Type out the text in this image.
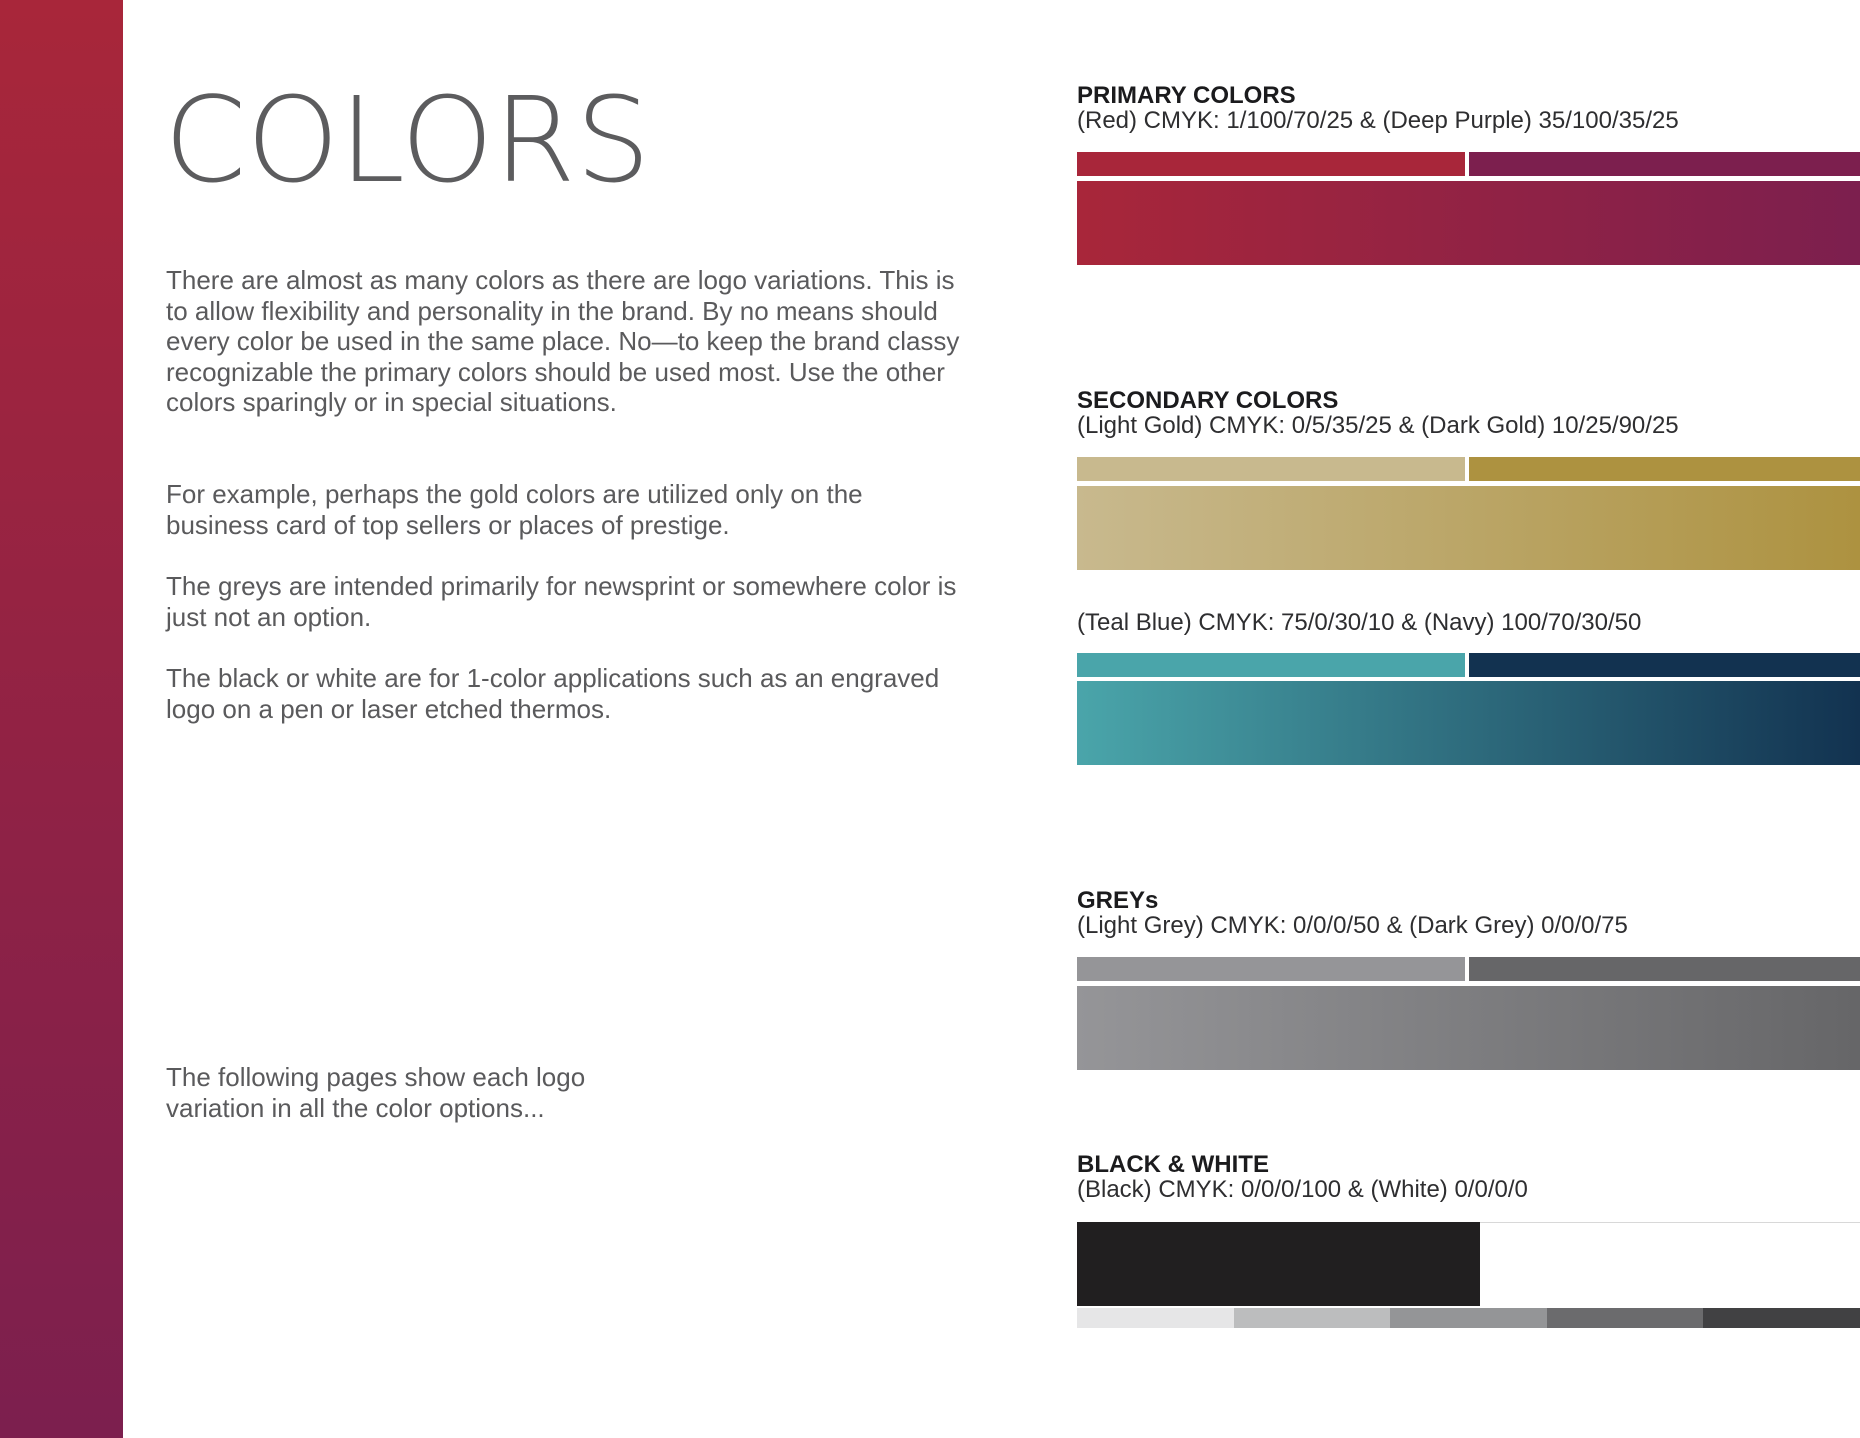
COLORS

There are almost as many colors as there are logo variations. This is to allow flexibility and personality in the brand. By no means should every color be used in the same place. No—to keep the brand classy recognizable the primary colors should be used most. Use the other colors sparingly or in special situations.

For example, perhaps the gold colors are utilized only on the business card of top sellers or places of prestige.

The greys are intended primarily for newsprint or somewhere color is just not an option.

The black or white are for 1-color applications such as an engraved logo on a pen or laser etched thermos.

The following pages show each logo variation in all the color options...

PRIMARY COLORS
(Red) CMYK: 1/100/70/25 & (Deep Purple) 35/100/35/25
SECONDARY COLORS
(Light Gold) CMYK: 0/5/35/25 & (Dark Gold) 10/25/90/25
(Teal Blue) CMYK: 75/0/30/10 & (Navy) 100/70/30/50
GREYs
(Light Grey) CMYK: 0/0/0/50 & (Dark Grey) 0/0/0/75
BLACK & WHITE
(Black) CMYK: 0/0/0/100 & (White) 0/0/0/0
